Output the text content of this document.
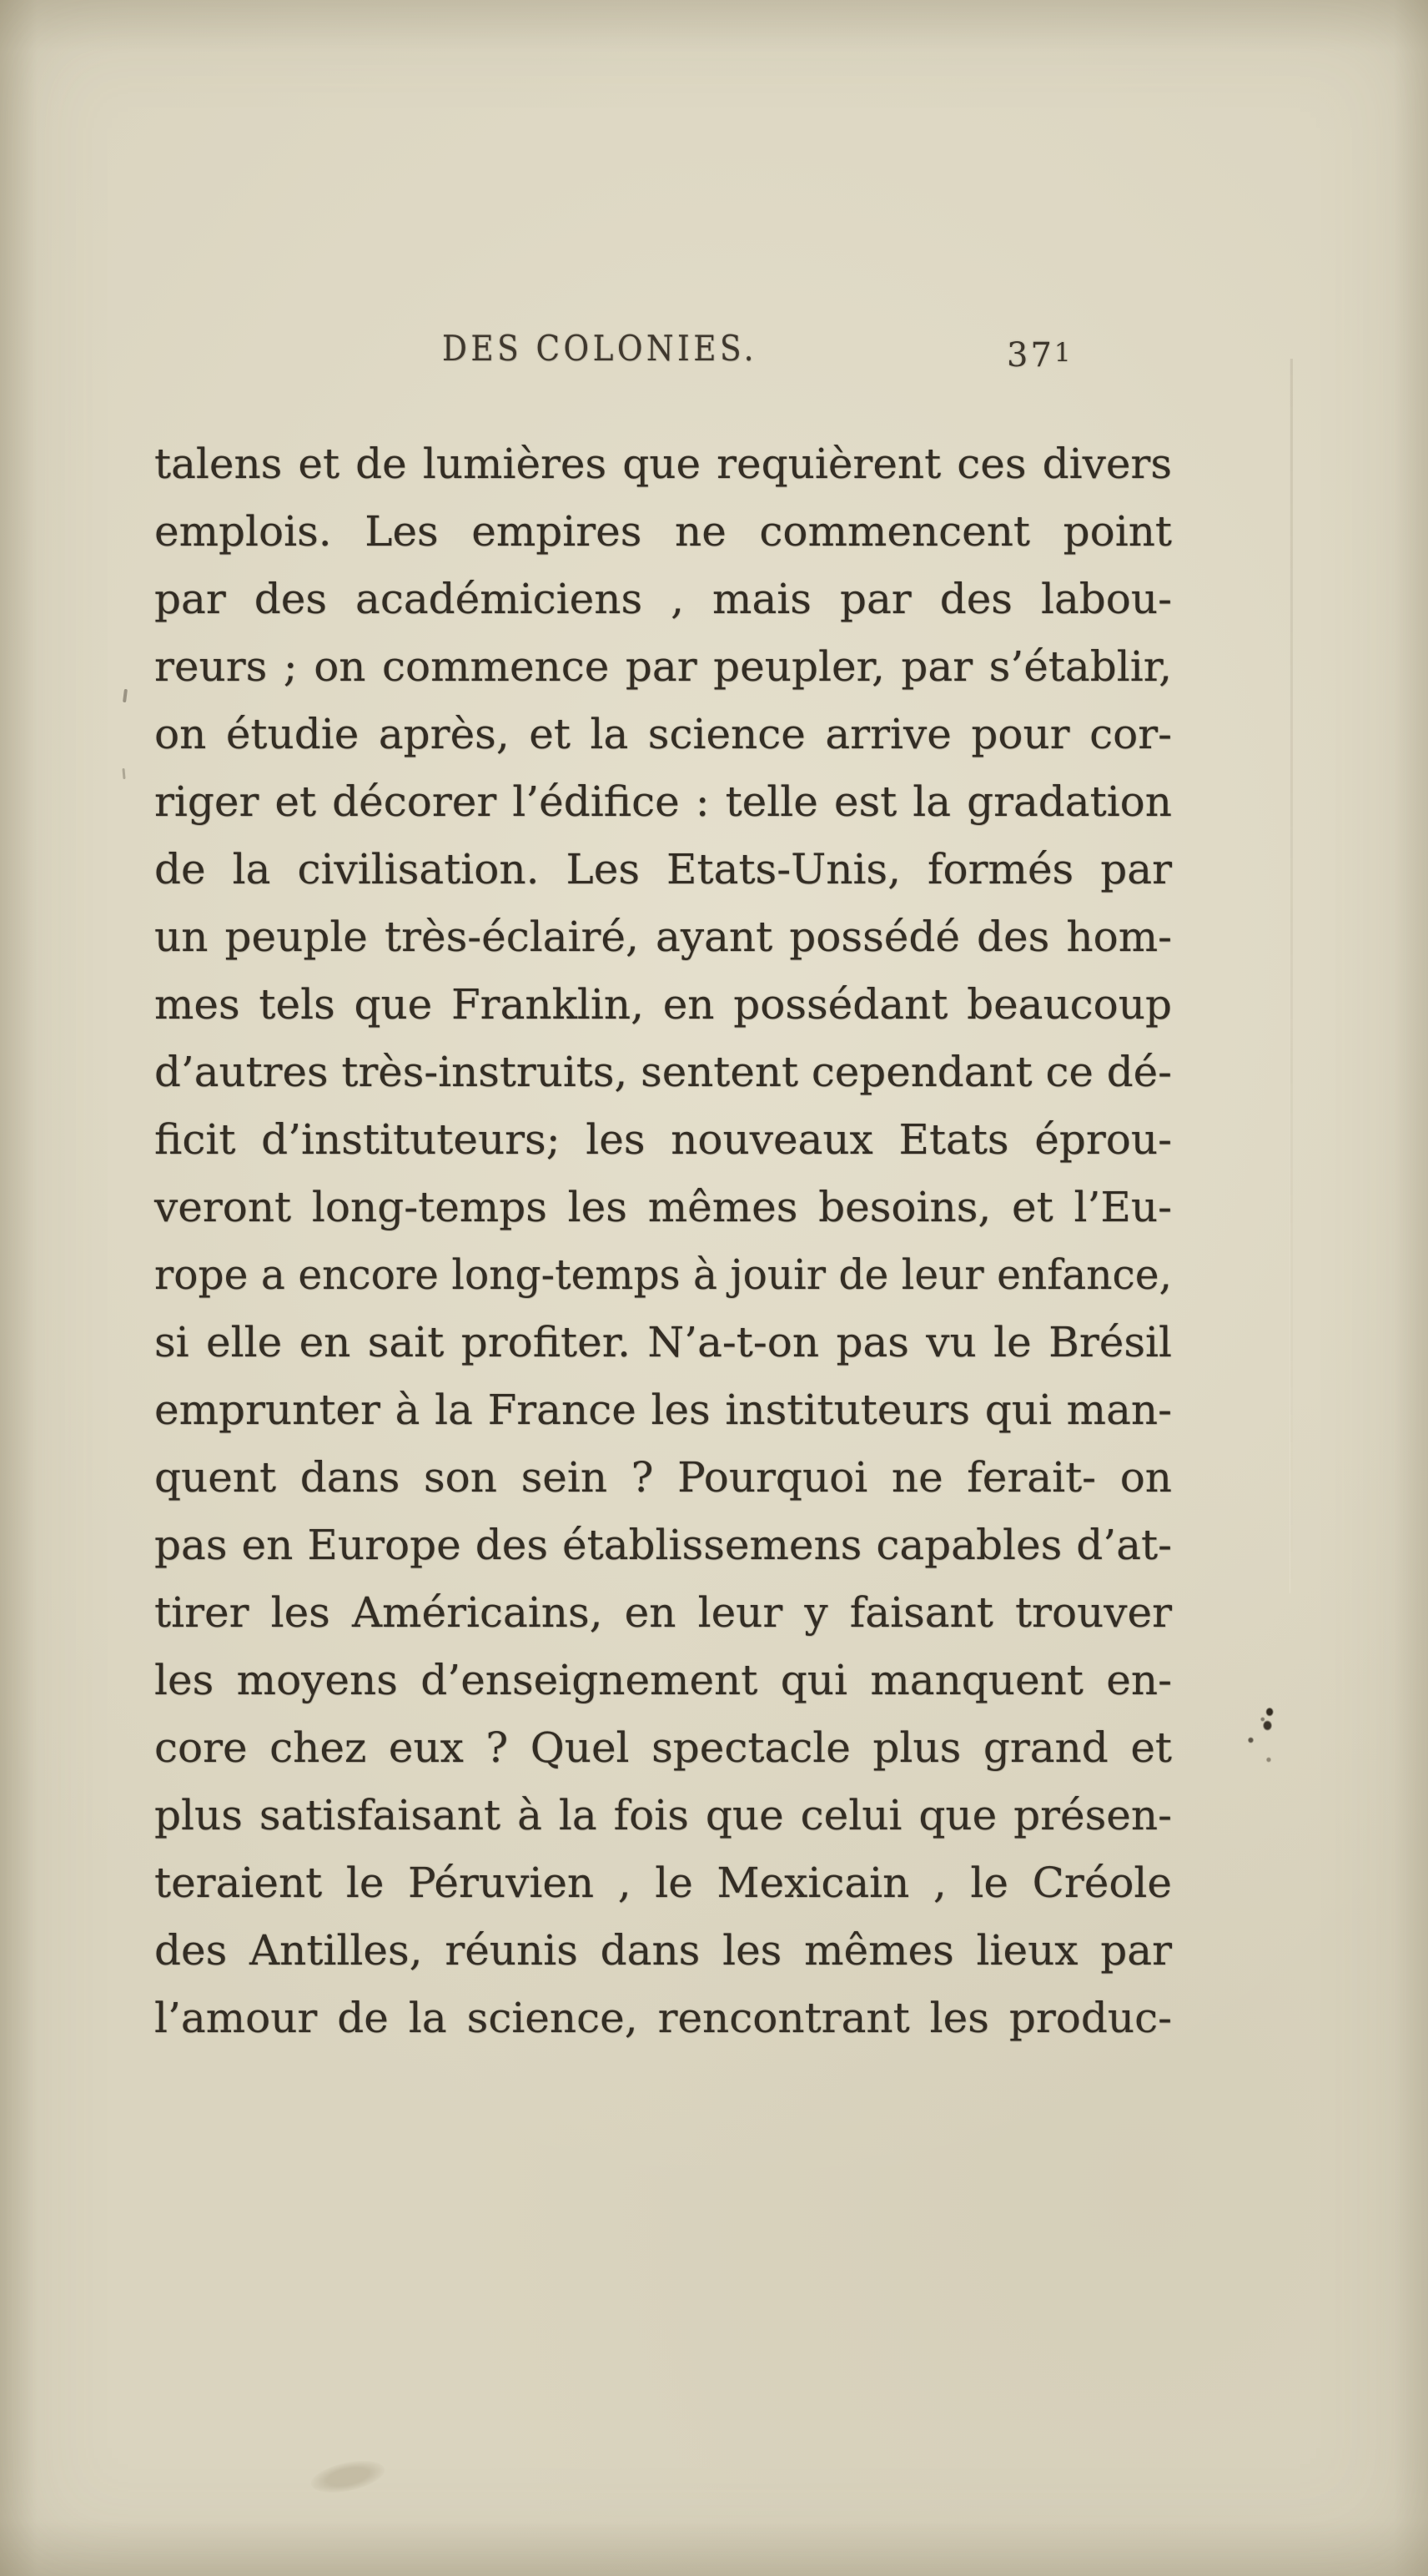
DES COLONIES.	371
talens et de lumières que requièrent ces divers
emplois. Les empires ne commencent point
par des académiciens , mais par des labou-
reurs ; on commence par peupler, par s’établir,
on étudie après, et la science arrive pour cor-
riger et décorer l’édifice : telle est la gradation
de la civilisation. Les Etats-Unis, formés par
un peuple très-éclairé, ayant possédé des hom-
mes tels que Franklin, en possédant beaucoup
d’autres très-instruits, sentent cependant ce dé-
ficit d’instituteurs; les nouveaux Etats éprou-
veront long-temps les mêmes besoins, et l’Eu-
rope a encore long-temps à jouir de leur enfance,
si elle en sait profiter. N’a-t-on pas vu le Brésil
emprunter à la France les instituteurs qui man-
quent dans son sein ? Pourquoi ne ferait- on
pas en Europe des établissemens capables d’at-
tirer les Américains, en leur y faisant trouver
les moyens d’enseignement qui manquent en-
core chez eux ? Quel spectacle plus grand et
plus satisfaisant à la fois que celui que présen-
teraient le Péruvien , le Mexicain , le Créole
des Antilles, réunis dans les mêmes lieux par
l’amour de la science, rencontrant les produc-
